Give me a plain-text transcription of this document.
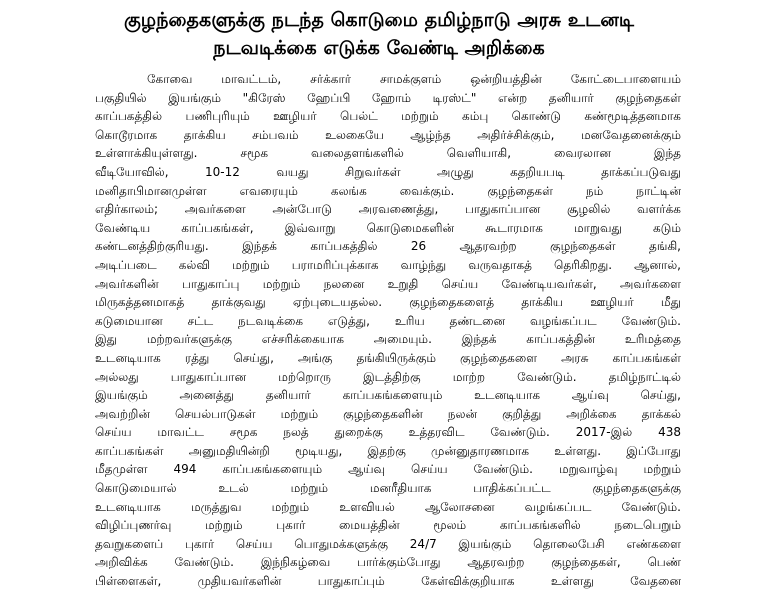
குழந்தைகளுக்கு நடந்த கொடுமை தமிழ்நாடு அரசு உடனடி
நடவடிக்கை எடுக்க வேண்டி அறிக்கை
கோவை மாவட்டம், சர்க்கார் சாமக்குளம் ஒன்றியத்தின் கோட்டைபாளையம்
பகுதியில் இயங்கும் "கிரேஸ் ஹேப்பி ஹோம் டிரஸ்ட்" என்ற தனியார் குழந்தைகள்
காப்பகத்தில் பணிபுரியும் ஊழியர் பெல்ட் மற்றும் கம்பு கொண்டு கண்மூடித்தனமாக
கொடூரமாக தாக்கிய சம்பவம் உலகையே ஆழ்ந்த அதிர்ச்சிக்கும், மனவேதனைக்கும்
உள்ளாக்கியுள்ளது. சமூக வலைதளங்களில் வெளியாகி, வைரலான இந்த
வீடியோவில், 10-12 வயது சிறுவர்கள் அழுது கதறியபடி தாக்கப்படுவது
மனிதாபிமானமுள்ள எவரையும் கலங்க வைக்கும். குழந்தைகள் நம் நாட்டின்
எதிர்காலம்; அவர்களை அன்போடு அரவணைத்து, பாதுகாப்பான சூழலில் வளர்க்க
வேண்டிய காப்பகங்கள், இவ்வாறு கொடுமைகளின் கூடாரமாக மாறுவது கடும்
கண்டனத்திற்குரியது. இந்தக் காப்பகத்தில் 26 ஆதரவற்ற குழந்தைகள் தங்கி,
அடிப்படை கல்வி மற்றும் பராமரிப்புக்காக வாழ்ந்து வருவதாகத் தெரிகிறது. ஆனால்,
அவர்களின் பாதுகாப்பு மற்றும் நலனை உறுதி செய்ய வேண்டியவர்கள், அவர்களை
மிருகத்தனமாகத் தாக்குவது ஏற்புடையதல்ல. குழந்தைகளைத் தாக்கிய ஊழியர் மீது
கடுமையான சட்ட நடவடிக்கை எடுத்து, உரிய தண்டனை வழங்கப்பட வேண்டும்.
இது மற்றவர்களுக்கு எச்சரிக்கையாக அமையும். இந்தக் காப்பகத்தின் உரிமத்தை
உடனடியாக ரத்து செய்து, அங்கு தங்கியிருக்கும் குழந்தைகளை அரசு காப்பகங்கள்
அல்லது பாதுகாப்பான மற்றொரு இடத்திற்கு மாற்ற வேண்டும். தமிழ்நாட்டில்
இயங்கும் அனைத்து தனியார் காப்பகங்களையும் உடனடியாக ஆய்வு செய்து,
அவற்றின் செயல்பாடுகள் மற்றும் குழந்தைகளின் நலன் குறித்து அறிக்கை தாக்கல்
செய்ய மாவட்ட சமூக நலத் துறைக்கு உத்தரவிட வேண்டும். 2017-இல் 438
காப்பகங்கள் அனுமதியின்றி மூடியது, இதற்கு முன்னுதாரணமாக உள்ளது. இப்போது
மீதமுள்ள 494 காப்பகங்களையும் ஆய்வு செய்ய வேண்டும். மறுவாழ்வு மற்றும்
கொடுமையால் உடல் மற்றும் மனரீதியாக பாதிக்கப்பட்ட குழந்தைகளுக்கு
உடனடியாக மருத்துவ மற்றும் உளவியல் ஆலோசனை வழங்கப்பட வேண்டும்.
விழிப்புணர்வு மற்றும் புகார் மையத்தின் மூலம் காப்பகங்களில் நடைபெறும்
தவறுகளைப் புகார் செய்ய பொதுமக்களுக்கு 24/7 இயங்கும் தொலைபேசி எண்களை
அறிவிக்க வேண்டும். இந்நிகழ்வை பார்க்கும்போது ஆதரவற்ற குழந்தைகள், பெண்
பிள்ளைகள், முதியவர்களின் பாதுகாப்பும் கேள்விக்குறியாக உள்ளது வேதனை
